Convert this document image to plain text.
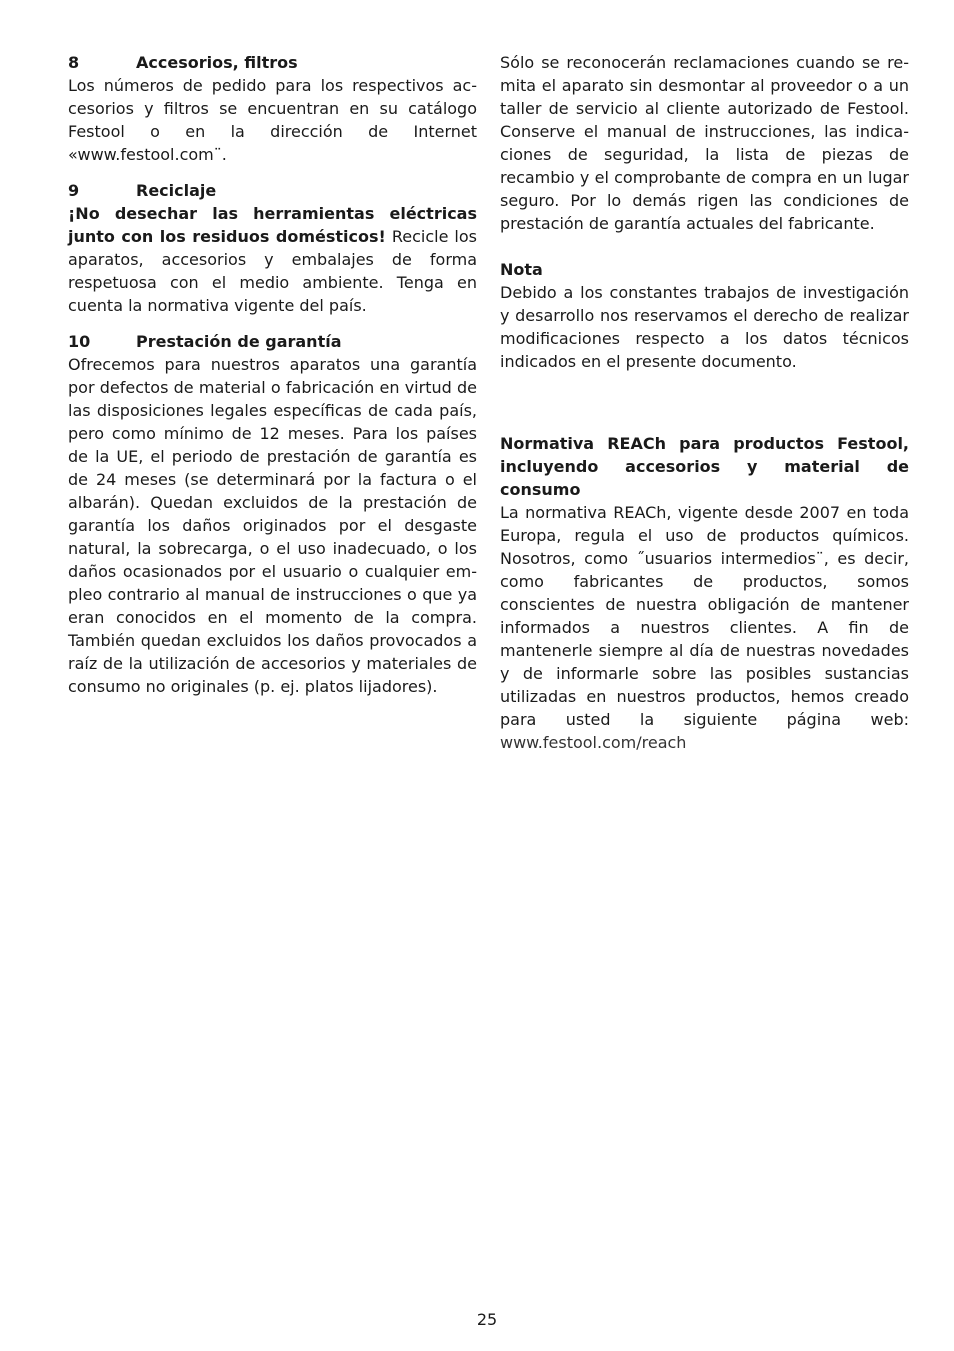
8	Accesorios, filtros

Los números de pedido para los respectivos accesorios y filtros se encuentran en su catálogo Festool o en la dirección de Internet «www.festool.com¨.

9	Reciclaje

¡No desechar las herramientas eléctricas junto con los residuos domésticos! Recicle los aparatos, accesorios y embalajes de forma respetuosa con el medio ambiente. Tenga en cuenta la normativa vigente del país.

10	Prestación de garantía

Ofrecemos para nuestros aparatos una garantía por defectos de material o fabricación en virtud de las disposiciones legales específicas de cada país, pero como mínimo de 12 meses. Para los países de la UE, el periodo de prestación de garantía es de 24 meses (se determinará por la factura o el albarán). Quedan excluidos de la prestación de garantía los daños originados por el desgaste natural, la sobrecarga, o el uso inadecuado, o los daños ocasionados por el usuario o cualquier empleo contrario al manual de instrucciones o que ya eran conocidos en el momento de la compra. También quedan excluidos los daños provocados a raíz de la utilización de accesorios y materiales de consumo no originales (p. ej. platos lijadores).

Sólo se reconocerán reclamaciones cuando se remita el aparato sin desmontar al proveedor o a un taller de servicio al cliente autorizado de Festool. Conserve el manual de instrucciones, las indicaciones de seguridad, la lista de piezas de recambio y el comprobante de compra en un lugar seguro. Por lo demás rigen las condiciones de prestación de garantía actuales del fabricante.

Nota

Debido a los constantes trabajos de investigación y desarrollo nos reservamos el derecho de realizar modificaciones respecto a los datos técnicos indicados en el presente documento.

Normativa REACh para productos Festool, incluyendo accesorios y material de consumo

La normativa REACh, vigente desde 2007 en toda Europa, regula el uso de productos químicos. Nosotros, como ˝usuarios intermedios¨, es decir, como fabricantes de productos, somos conscientes de nuestra obligación de mantener informados a nuestros clientes. A fin de mantenerle siempre al día de nuestras novedades y de informarle sobre las posibles sustancias utilizadas en nuestros productos, hemos creado para usted la siguiente página web: www.festool.com/reach

25
